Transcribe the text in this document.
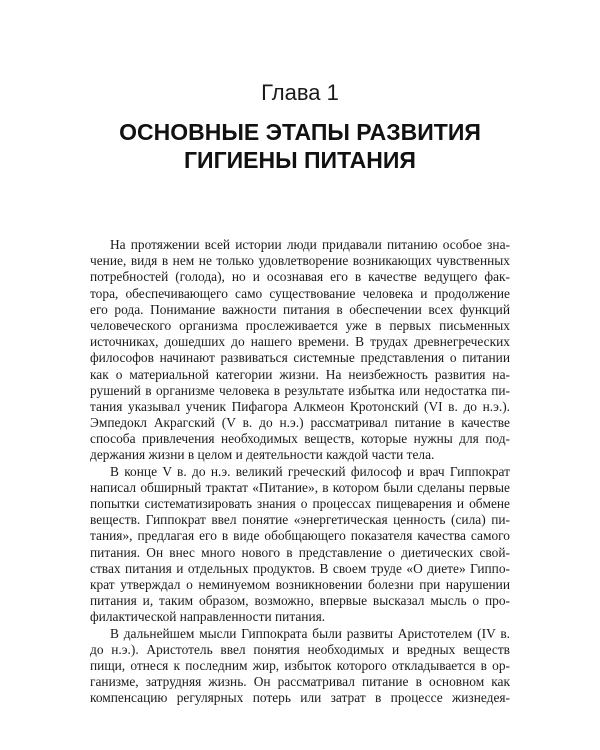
Глава 1
ОСНОВНЫЕ ЭТАПЫ РАЗВИТИЯ
ГИГИЕНЫ ПИТАНИЯ
На протяжении всей истории люди придавали питанию особое зна-
чение, видя в нем не только удовлетворение возникающих чувственных
потребностей (голода), но и осознавая его в качестве ведущего фак-
тора, обеспечивающего само существование человека и продолжение
его рода. Понимание важности питания в обеспечении всех функций
человеческого организма прослеживается уже в первых письменных
источниках, дошедших до нашего времени. В трудах древнегреческих
философов начинают развиваться системные представления о питании
как о материальной категории жизни. На неизбежность развития на-
рушений в организме человека в результате избытка или недостатка пи-
тания указывал ученик Пифагора Алкмеон Кротонский (VI в. до н.э.).
Эмпедокл Акрагский (V в. до н.э.) рассматривал питание в качестве
способа привлечения необходимых веществ, которые нужны для под-
держания жизни в целом и деятельности каждой части тела.
В конце V в. до н.э. великий греческий философ и врач Гиппократ
написал обширный трактат «Питание», в котором были сделаны первые
попытки систематизировать знания о процессах пищеварения и обмене
веществ. Гиппократ ввел понятие «энергетическая ценность (сила) пи-
тания», предлагая его в виде обобщающего показателя качества самого
питания. Он внес много нового в представление о диетических свой-
ствах питания и отдельных продуктов. В своем труде «О диете» Гиппо-
крат утверждал о неминуемом возникновении болезни при нарушении
питания и, таким образом, возможно, впервые высказал мысль о про-
филактической направленности питания.
В дальнейшем мысли Гиппократа были развиты Аристотелем (IV в.
до н.э.). Аристотель ввел понятия необходимых и вредных веществ
пищи, отнеся к последним жир, избыток которого откладывается в ор-
ганизме, затрудняя жизнь. Он рассматривал питание в основном как
компенсацию регулярных потерь или затрат в процессе жизнедея-
